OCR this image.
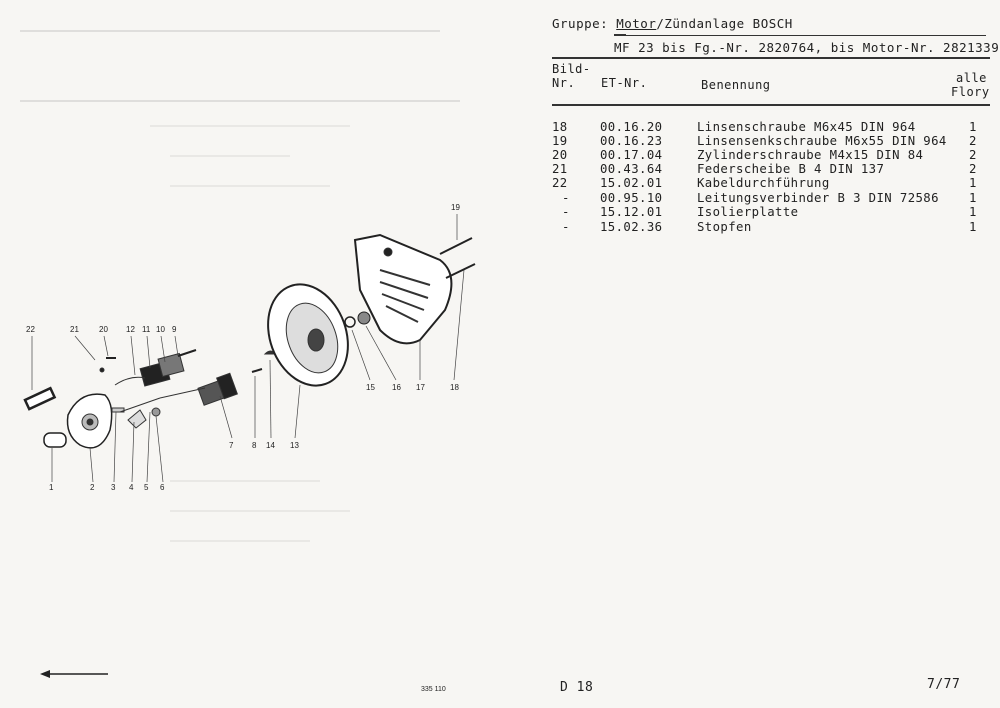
Gruppe: Motor/Zündanlage BOSCH
MF 23 bis Fg.-Nr. 2820764, bis Motor-Nr. 2821339
Bild-
Nr. ET-Nr.	Benennung	alle
Flory
18	00.16.20	Linsenschraube M6x45 DIN 964	1
19	00.16.23	Linsensenkschraube M6x55 DIN 964 2
20	00.17.04	Zylinderschraube M4x15 DIN 84	2
21	00.43.64	Federscheibe B 4 DIN 137	2
22	15.02.01	Kabeldurchführung	1
- 00.95.10	Leitungsverbinder B 3 DIN 72586 1
- 15.12.01	Isolierplatte	1
- 15.02.36	Stopfen	1
22	21	20 12 11 10 9
19
15 16 17	18
1	2 3 4 5 6
7 8 14 13
335 110	D 18	7/77
